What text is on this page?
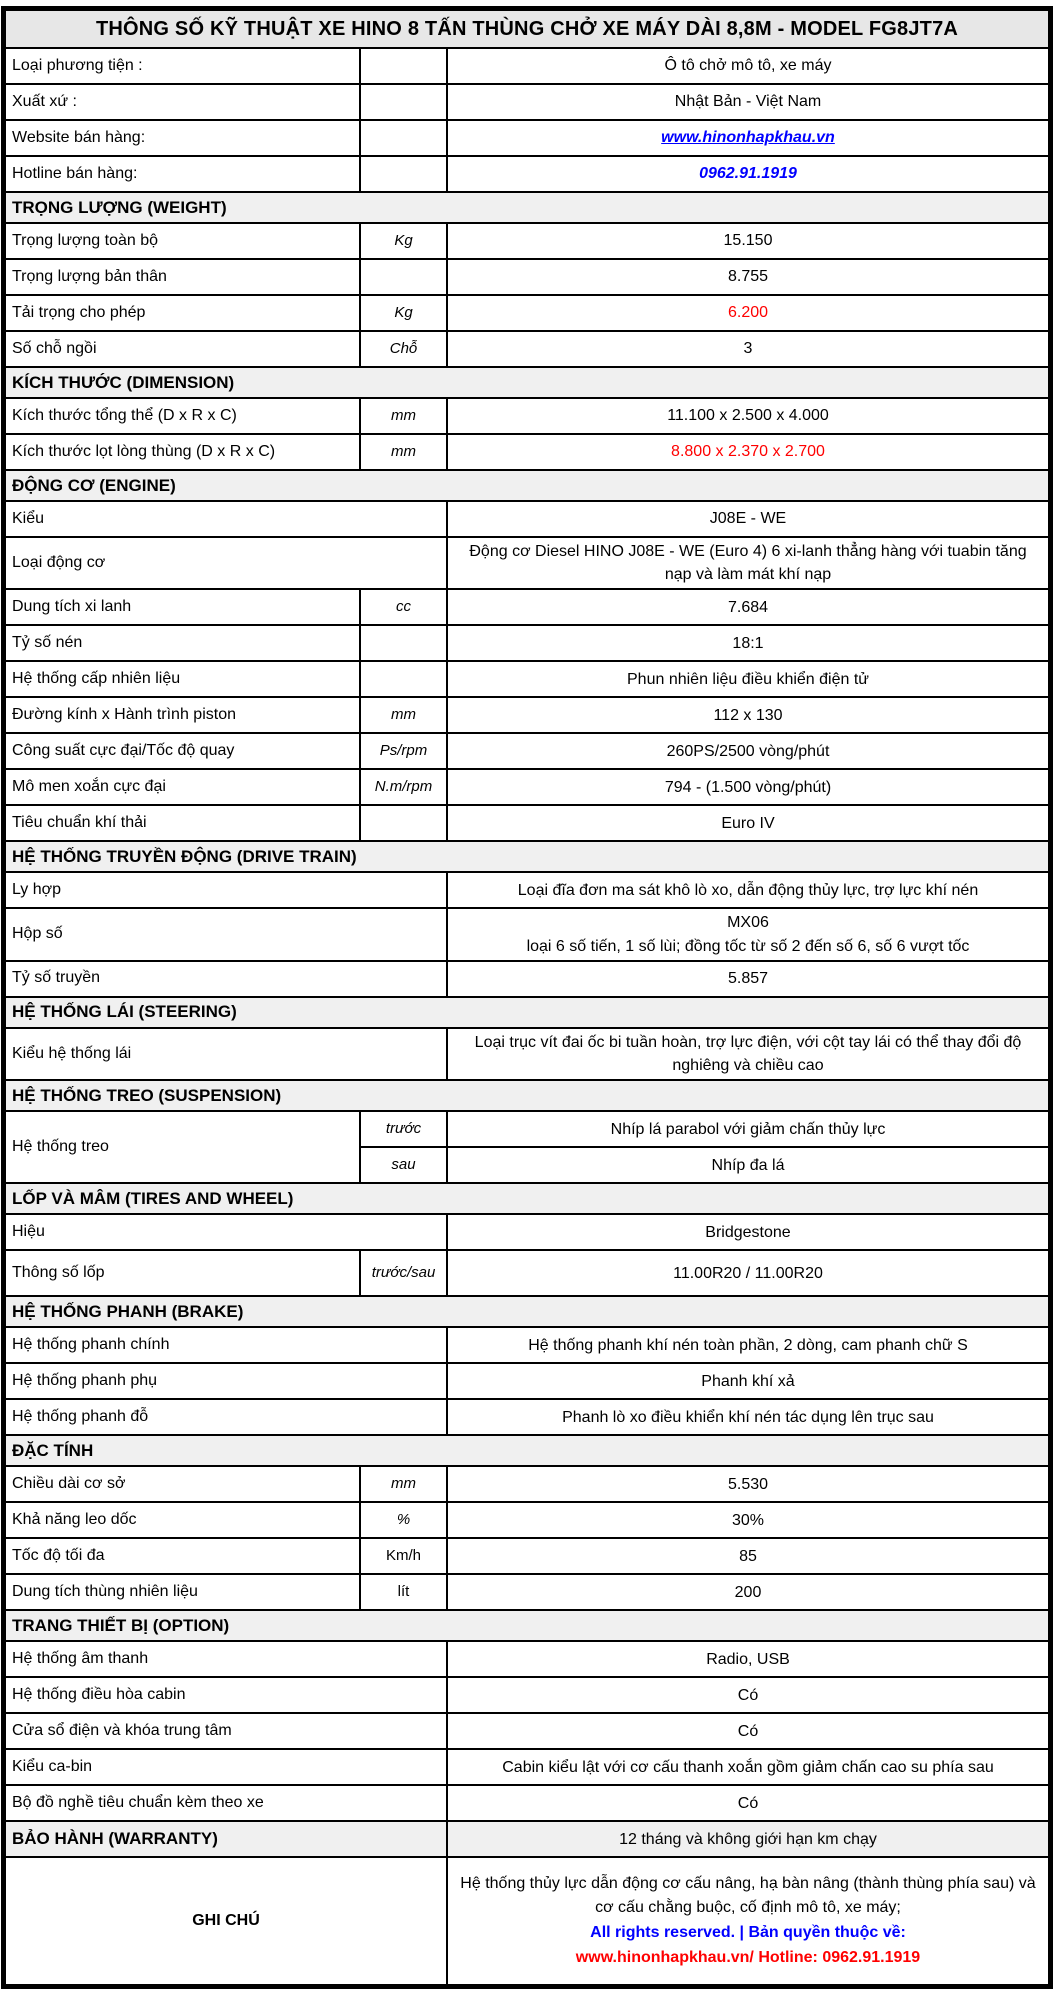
THÔNG SỐ KỸ THUẬT XE HINO 8 TẤN THÙNG CHỞ XE MÁY DÀI 8,8M - MODEL FG8JT7A		
Loại phương tiện :		Ô tô chở mô tô, xe máy
Xuất xứ :		Nhật Bản - Việt Nam
Website bán hàng:		www.hinonhapkhau.vn
Hotline bán hàng:		0962.91.1919
TRỌNG LƯỢNG (WEIGHT)		
Trọng lượng toàn bộ	Kg	15.150
Trọng lượng bản thân		8.755
Tải trọng cho phép	Kg	6.200
Số chỗ ngồi	Chỗ	3
KÍCH THƯỚC (DIMENSION)		
Kích thước tổng thể (D x R x C)	mm	11.100 x 2.500 x 4.000
Kích thước lọt lòng thùng (D x R x C)	mm	8.800 x 2.370 x 2.700
ĐỘNG CƠ (ENGINE)		
Kiểu		J08E - WE
Loại động cơ		Động cơ Diesel HINO J08E - WE (Euro 4) 6 xi-lanh thẳng hàng với tuabin tăng nạp và làm mát khí nạp
Dung tích xi lanh	cc	7.684
Tỷ số nén		18:1
Hệ thống cấp nhiên liệu		Phun nhiên liệu điều khiển điện tử
Đường kính x Hành trình piston	mm	112 x 130
Công suất cực đại/Tốc độ quay	Ps/rpm	260PS/2500 vòng/phút
Mô men xoắn cực đại	N.m/rpm	794 - (1.500 vòng/phút)
Tiêu chuẩn khí thải		Euro IV
HỆ THỐNG TRUYỀN ĐỘNG (DRIVE TRAIN)		
Ly hợp		Loại đĩa đơn ma sát khô lò xo, dẫn động thủy lực, trợ lực khí nén
Hộp số		MX06
loại 6 số tiến, 1 số lùi; đồng tốc từ số 2 đến số 6, số 6 vượt tốc
Tỷ số truyền		5.857
HỆ THỐNG LÁI (STEERING)		
Kiểu hệ thống lái		Loại trục vít đai ốc bi tuần hoàn, trợ lực điện, với cột tay lái có thể thay đổi độ nghiêng và chiều cao
HỆ THỐNG TREO (SUSPENSION)		
Hệ thống treo	trước	Nhíp lá parabol với giảm chấn thủy lực
	sau	Nhíp đa lá
LỐP VÀ MÂM (TIRES AND WHEEL)		
Hiệu		Bridgestone
Thông số lốp	trước/sau	11.00R20 / 11.00R20
HỆ THỐNG PHANH (BRAKE)		
Hệ thống phanh chính		Hệ thống phanh khí nén toàn phần, 2 dòng, cam phanh chữ S
Hệ thống phanh phụ		Phanh khí xả
Hệ thống phanh đỗ		Phanh lò xo điều khiển khí nén tác dụng lên trục sau
ĐẶC TÍNH		
Chiều dài cơ sở	mm	5.530
Khả năng leo dốc	%	30%
Tốc độ tối đa	Km/h	85
Dung tích thùng nhiên liệu	lít	200
TRANG THIẾT BỊ (OPTION)		
Hệ thống âm thanh		Radio, USB
Hệ thống điều hòa cabin		Có
Cửa sổ điện và khóa trung tâm		Có
Kiểu ca-bin		Cabin kiểu lật với cơ cấu thanh xoắn gồm giảm chấn cao su phía sau
Bộ đồ nghề tiêu chuẩn kèm theo xe		Có
BẢO HÀNH (WARRANTY)		12 tháng và không giới hạn km chạy
GHI CHÚ		Hệ thống thủy lực dẫn động cơ cấu nâng, hạ bàn nâng (thành thùng phía sau) và cơ cấu chằng buộc, cố định mô tô, xe máy;
All rights reserved. | Bản quyền thuộc về:
www.hinonhapkhau.vn/ Hotline: 0962.91.1919
